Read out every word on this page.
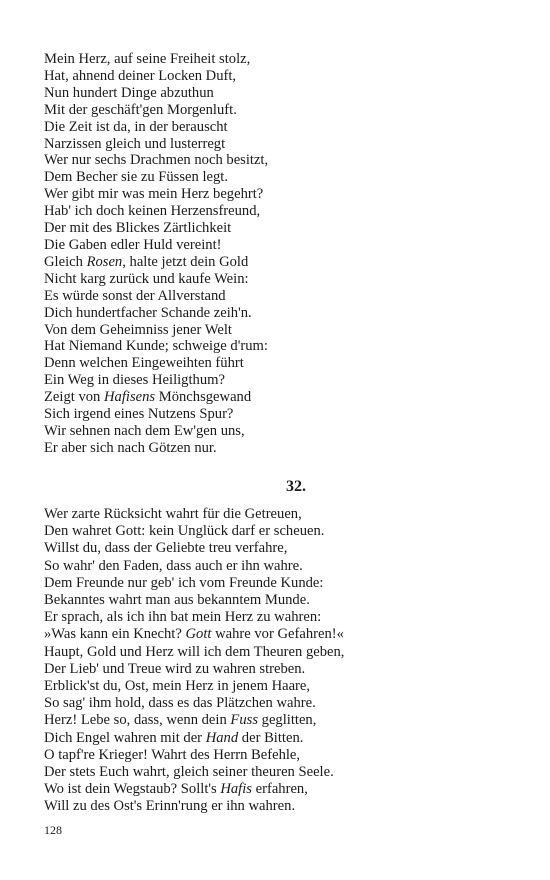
Mein Herz, auf seine Freiheit stolz,
Hat, ahnend deiner Locken Duft,
Nun hundert Dinge abzuthun
Mit der geschäft'gen Morgenluft.
Die Zeit ist da, in der berauscht
Narzissen gleich und lusterregt
Wer nur sechs Drachmen noch besitzt,
Dem Becher sie zu Füssen legt.
Wer gibt mir was mein Herz begehrt?
Hab' ich doch keinen Herzensfreund,
Der mit des Blickes Zärtlichkeit
Die Gaben edler Huld vereint!
Gleich Rosen, halte jetzt dein Gold
Nicht karg zurück und kaufe Wein:
Es würde sonst der Allverstand
Dich hundertfacher Schande zeih'n.
Von dem Geheimniss jener Welt
Hat Niemand Kunde; schweige d'rum:
Denn welchen Eingeweihten führt
Ein Weg in dieses Heiligthum?
Zeigt von Hafisens Mönchsgewand
Sich irgend eines Nutzens Spur?
Wir sehnen nach dem Ew'gen uns,
Er aber sich nach Götzen nur.
32.
Wer zarte Rücksicht wahrt für die Getreuen,
Den wahret Gott: kein Unglück darf er scheuen.
Willst du, dass der Geliebte treu verfahre,
So wahr' den Faden, dass auch er ihn wahre.
Dem Freunde nur geb' ich vom Freunde Kunde:
Bekanntes wahrt man aus bekanntem Munde.
Er sprach, als ich ihn bat mein Herz zu wahren:
»Was kann ein Knecht? Gott wahre vor Gefahren!«
Haupt, Gold und Herz will ich dem Theuren geben,
Der Lieb' und Treue wird zu wahren streben.
Erblick'st du, Ost, mein Herz in jenem Haare,
So sag' ihm hold, dass es das Plätzchen wahre.
Herz! Lebe so, dass, wenn dein Fuss geglitten,
Dich Engel wahren mit der Hand der Bitten.
O tapf're Krieger! Wahrt des Herrn Befehle,
Der stets Euch wahrt, gleich seiner theuren Seele.
Wo ist dein Wegstaub? Sollt's Hafis erfahren,
Will zu des Ost's Erinn'rung er ihn wahren.
128
